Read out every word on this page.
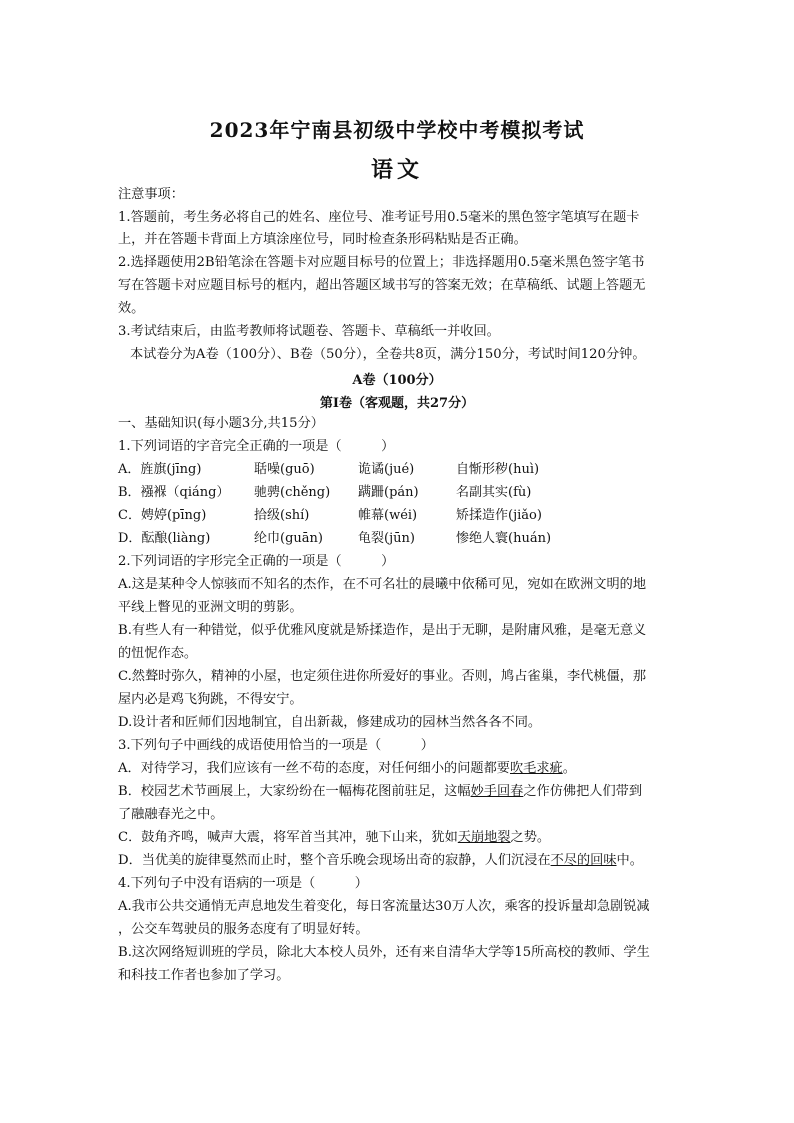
2023年宁南县初级中学校中考模拟考试
语文
注意事项：
1.答题前，考生务必将自己的姓名、座位号、准考证号用0.5毫米的黑色签字笔填写在题卡
上，并在答题卡背面上方填涂座位号，同时检查条形码粘贴是否正确。
2.选择题使用2B铅笔涂在答题卡对应题目标号的位置上；非选择题用0.5毫米黑色签字笔书
写在答题卡对应题目标号的框内，超出答题区域书写的答案无效；在草稿纸、试题上答题无
效。
3.考试结束后，由监考教师将试题卷、答题卡、草稿纸一并收回。
本试卷分为A卷（100分）、B卷（50分），全卷共8页，满分150分，考试时间120分钟。
A卷（100分）
第Ⅰ卷（客观题，共27分）
一、基础知识(每小题3分,共15分）
1.下列词语的字音完全正确的一项是（　　　）
A．旌旗(jīng)	聒噪(guō)	诡谲(jué)	自惭形秽(huì)
B．襁褓（qiáng） 驰骋(chěng) 蹒跚(pán)	名副其实(fù)
C．娉婷(pīng)	拾级(shí)	帷幕(wéi)	矫揉造作(jiǎo)
D．酝酿(liàng)	纶巾(guān)	龟裂(jūn)	惨绝人寰(huán)
2.下列词语的字形完全正确的一项是（　　　）
A.这是某种令人惊骇而不知名的杰作，在不可名壮的晨曦中依稀可见，宛如在欧洲文明的地
平线上瞥见的亚洲文明的剪影。
B.有些人有一种错觉，似乎优雅风度就是矫揉造作，是出于无聊，是附庸风雅，是毫无意义
的忸怩作态。
C.然聱时弥久，精神的小屋，也定须住进你所爱好的事业。否则，鸠占雀巢，李代桃僵，那
屋内必是鸡飞狗跳，不得安宁。
D.设计者和匠师们因地制宜，自出新裁，修建成功的园林当然各各不同。
3.下列句子中画线的成语使用恰当的一项是（　　　）
A．对待学习，我们应该有一丝不苟的态度，对任何细小的问题都要吹毛求疵。
B．校园艺术节画展上，大家纷纷在一幅梅花图前驻足，这幅妙手回春之作仿佛把人们带到
了融融春光之中。
C．鼓角齐鸣，喊声大震，将军首当其冲，驰下山来，犹如天崩地裂之势。
D．当优美的旋律戛然而止时，整个音乐晚会现场出奇的寂静，人们沉浸在不尽的回味中。
4.下列句子中没有语病的一项是（　　　）
A.我市公共交通悄无声息地发生着变化，每日客流量达30万人次，乘客的投诉量却急剧锐减
，公交车驾驶员的服务态度有了明显好转。
B.这次网络短训班的学员，除北大本校人员外，还有来自清华大学等15所高校的教师、学生
和科技工作者也参加了学习。
